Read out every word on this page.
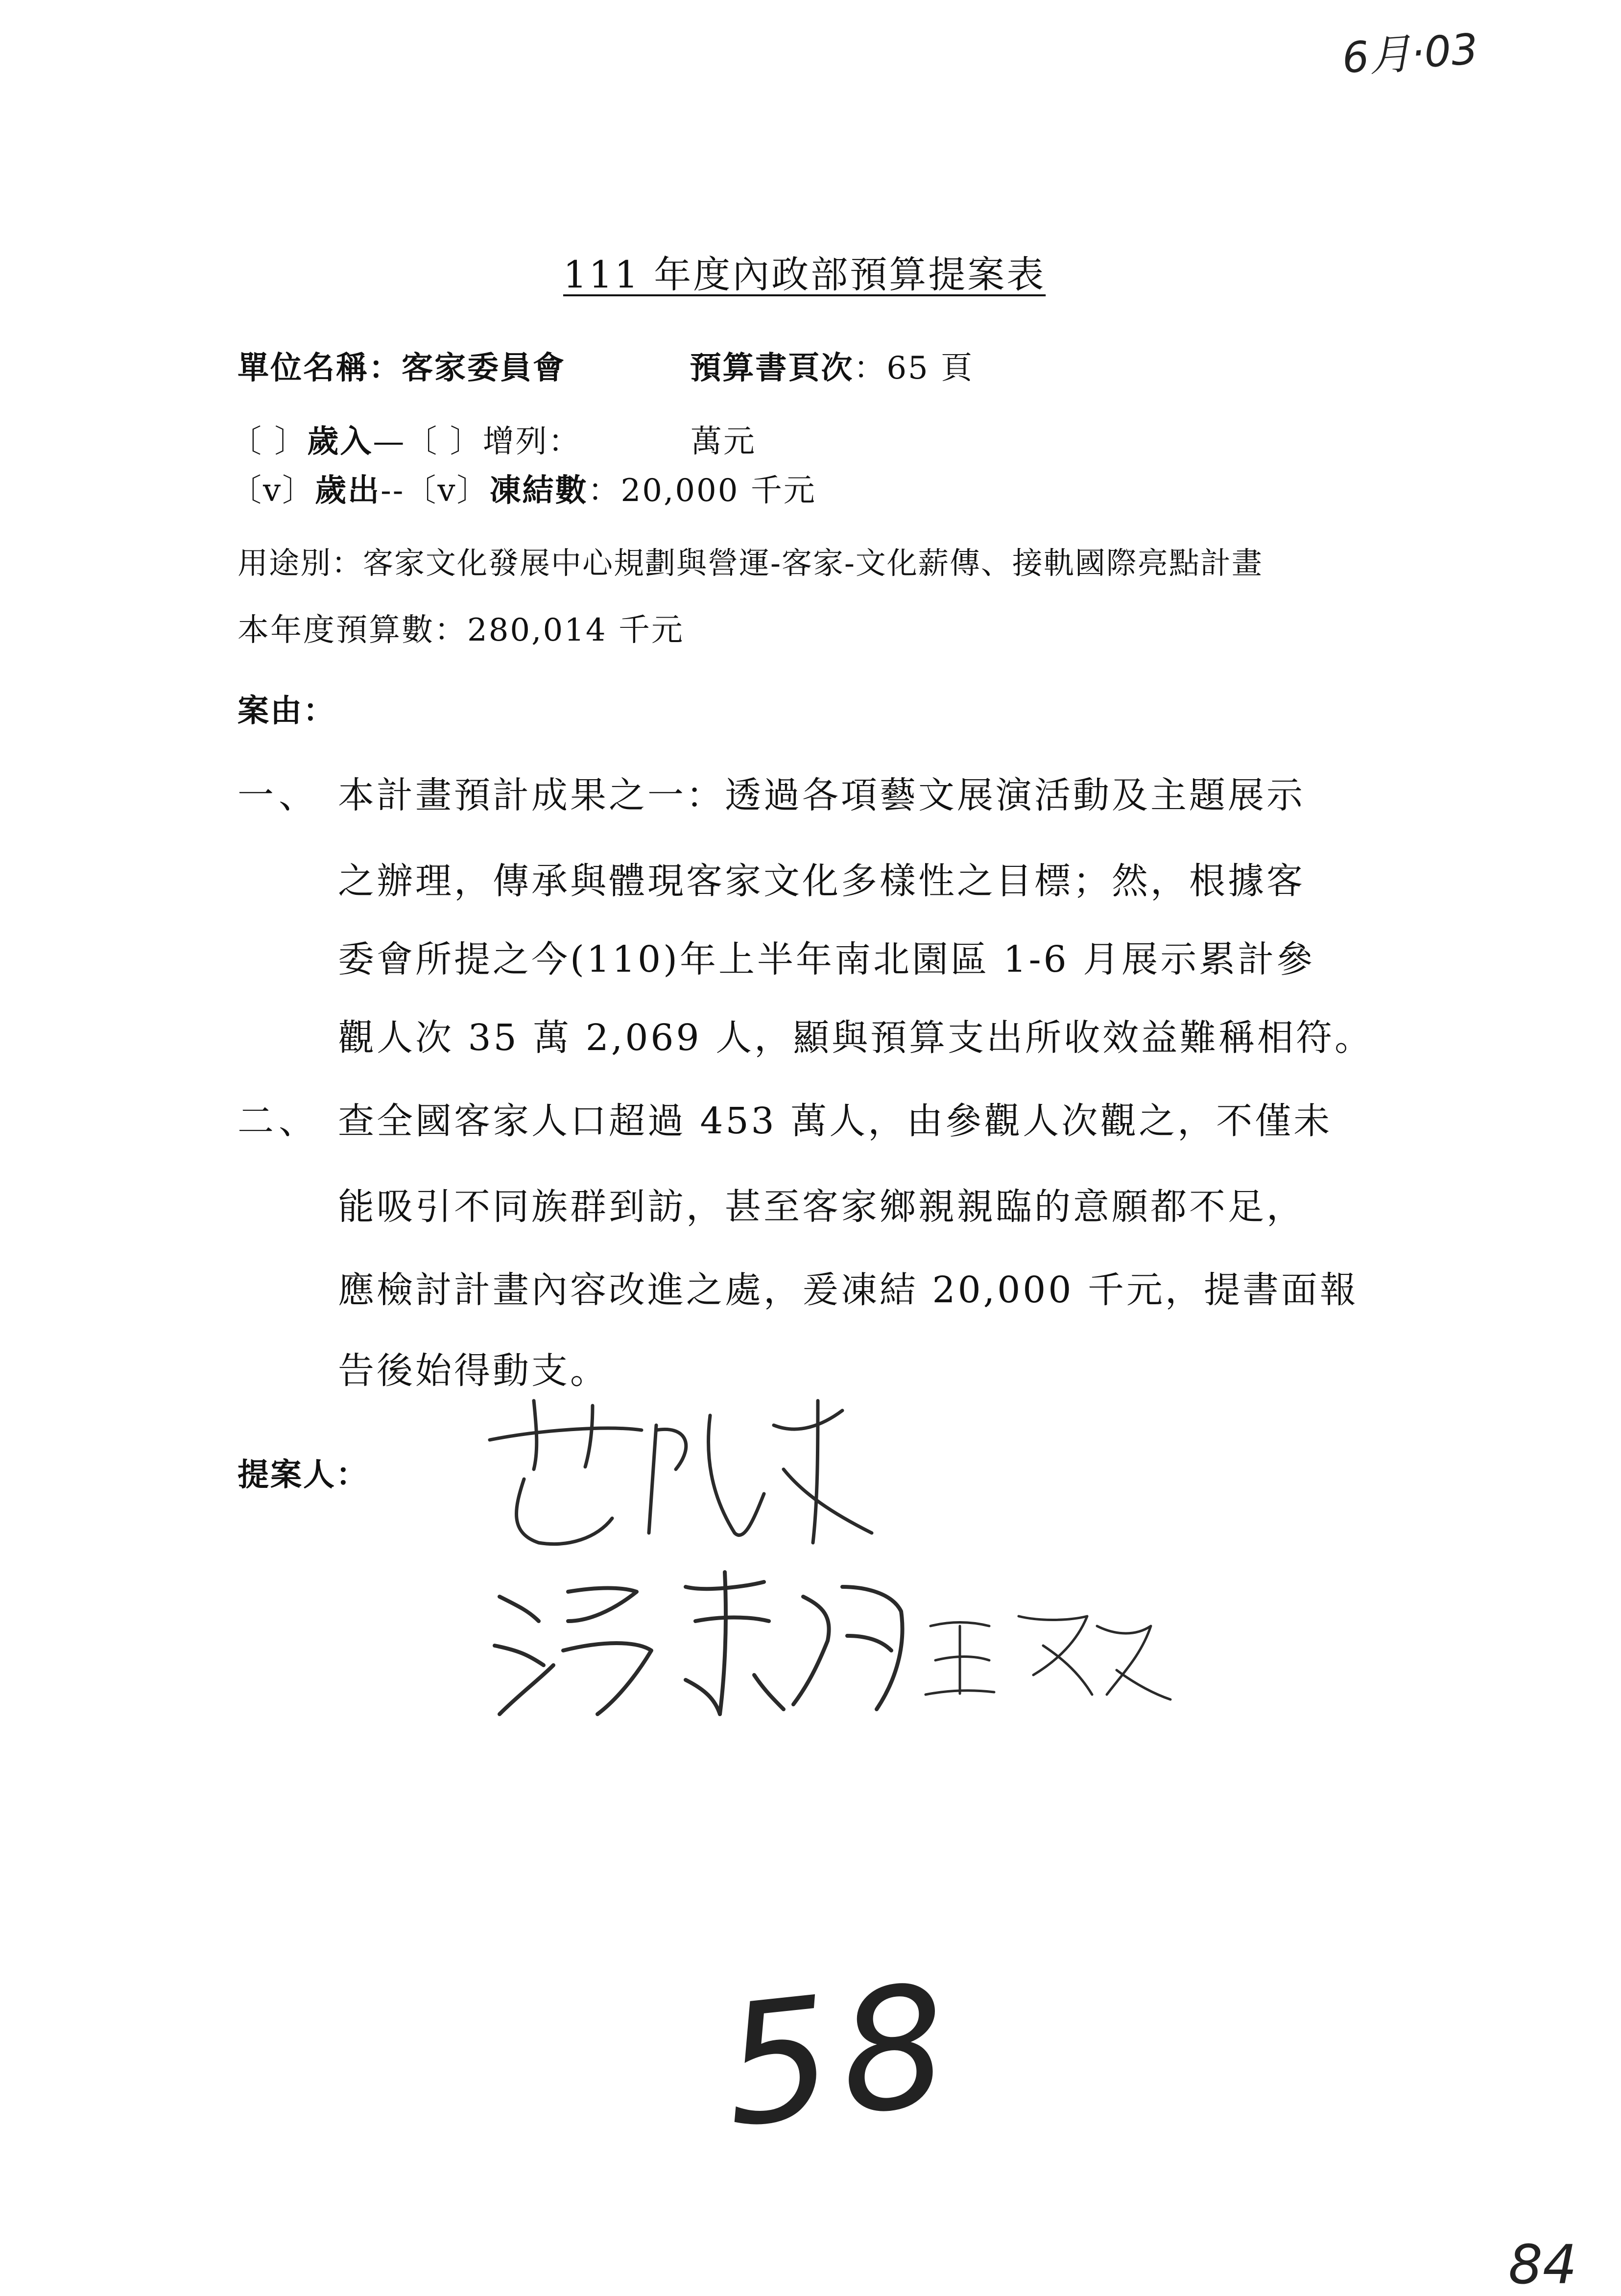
6月·03
111 年度內政部預算提案表
單位名稱：客家委員會	預算書頁次：65 頁
〔 〕歲入—〔 〕增列：	萬元
〔v〕歲出--〔v〕凍結數：20,000 千元
用途別：客家文化發展中心規劃與營運-客家-文化薪傳、接軌國際亮點計畫
本年度預算數：280,014 千元
案由：
一、 本計畫預計成果之一：透過各項藝文展演活動及主題展示
之辦理，傳承與體現客家文化多樣性之目標；然，根據客
委會所提之今(110)年上半年南北園區 1-6 月展示累計參
觀人次 35 萬 2,069 人，顯與預算支出所收效益難稱相符。
二、 查全國客家人口超過 453 萬人，由參觀人次觀之，不僅未
能吸引不同族群到訪，甚至客家鄉親親臨的意願都不足，
應檢討計畫內容改進之處，爰凍結 20,000 千元，提書面報
告後始得動支。
提案人：
58
84
